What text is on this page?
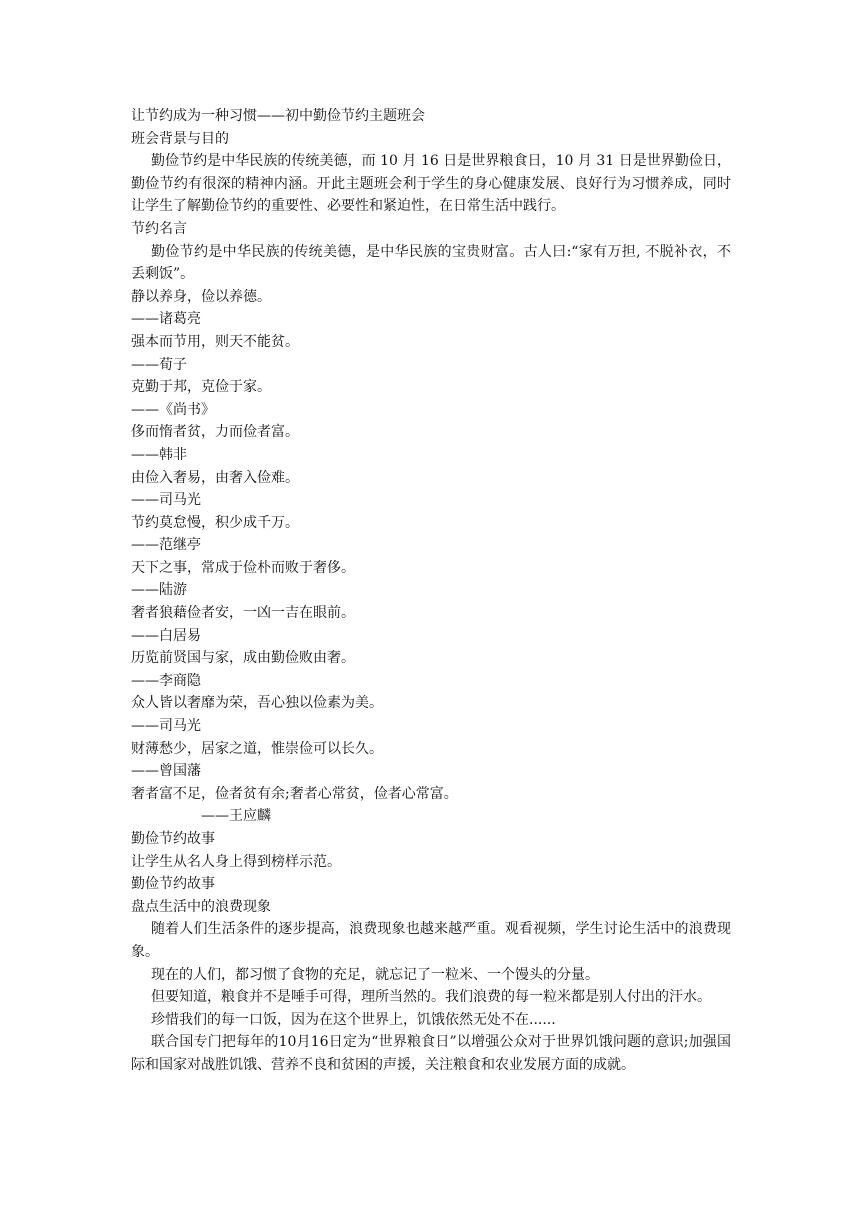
让节约成为一种习惯——初中勤俭节约主题班会

班会背景与目的

勤俭节约是中华民族的传统美德，而 10 月 16 日是世界粮食日，10 月 31 日是世界勤俭日，勤俭节约有很深的精神内涵。开此主题班会利于学生的身心健康发展、良好行为习惯养成，同时让学生了解勤俭节约的重要性、必要性和紧迫性，在日常生活中践行。

节约名言

勤俭节约是中华民族的传统美德，是中华民族的宝贵财富。古人曰:“家有万担, 不脱补衣，不丢剩饭”。

静以养身，俭以养德。

——诸葛亮

强本而节用，则天不能贫。

——荀子

克勤于邦，克俭于家。

——《尚书》

侈而惰者贫，力而俭者富。

——韩非

由俭入奢易，由奢入俭难。

——司马光

节约莫怠慢，积少成千万。

——范继亭

天下之事，常成于俭朴而败于奢侈。

——陆游

奢者狼藉俭者安，一凶一吉在眼前。

——白居易

历览前贤国与家，成由勤俭败由奢。

——李商隐

众人皆以奢靡为荣，吾心独以俭素为美。

——司马光

财薄愁少，居家之道，惟崇俭可以长久。

——曾国藩

奢者富不足，俭者贫有余;奢者心常贫，俭者心常富。

——王应麟

勤俭节约故事

让学生从名人身上得到榜样示范。

勤俭节约故事

盘点生活中的浪费现象

随着人们生活条件的逐步提高，浪费现象也越来越严重。观看视频，学生讨论生活中的浪费现象。

现在的人们，都习惯了食物的充足，就忘记了一粒米、一个馒头的分量。

但要知道，粮食并不是唾手可得，理所当然的。我们浪费的每一粒米都是别人付出的汗水。

珍惜我们的每一口饭，因为在这个世界上，饥饿依然无处不在......

联合国专门把每年的10月16日定为“世界粮食日”以增强公众对于世界饥饿问题的意识;加强国际和国家对战胜饥饿、营养不良和贫困的声援，关注粮食和农业发展方面的成就。
